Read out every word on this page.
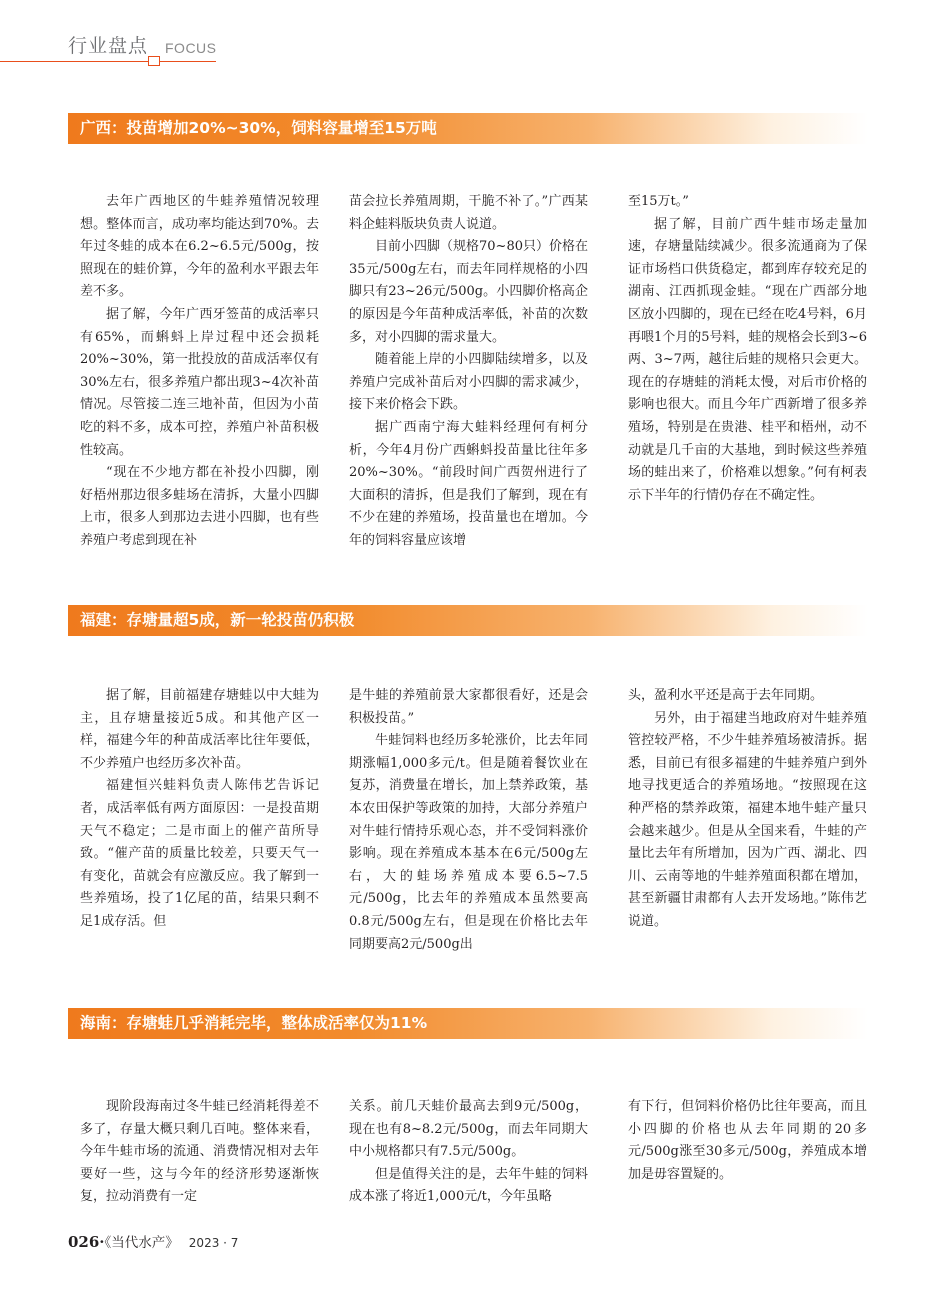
行业盘点 FOCUS
广西：投苗增加20%~30%，饲料容量增至15万吨

去年广西地区的牛蛙养殖情况较理想。整体而言，成功率均能达到70%。去年过冬蛙的成本在6.2~6.5元/500g，按照现在的蛙价算，今年的盈利水平跟去年差不多。

据了解，今年广西牙签苗的成活率只有65%，而蝌蚪上岸过程中还会损耗20%~30%，第一批投放的苗成活率仅有30%左右，很多养殖户都出现3~4次补苗情况。尽管接二连三地补苗，但因为小苗吃的料不多，成本可控，养殖户补苗积极性较高。

“现在不少地方都在补投小四脚，刚好梧州那边很多蛙场在清拆，大量小四脚上市，很多人到那边去进小四脚，也有些养殖户考虑到现在补

苗会拉长养殖周期，干脆不补了。”广西某料企蛙料版块负责人说道。

目前小四脚（规格70~80只）价格在35元/500g左右，而去年同样规格的小四脚只有23~26元/500g。小四脚价格高企的原因是今年苗种成活率低，补苗的次数多，对小四脚的需求量大。

随着能上岸的小四脚陆续增多，以及养殖户完成补苗后对小四脚的需求减少，接下来价格会下跌。

据广西南宁海大蛙料经理何有柯分析，今年4月份广西蝌蚪投苗量比往年多20%~30%。“前段时间广西贺州进行了大面积的清拆，但是我们了解到，现在有不少在建的养殖场，投苗量也在增加。今年的饲料容量应该增

至15万t。”

据了解，目前广西牛蛙市场走量加速，存塘量陆续减少。很多流通商为了保证市场档口供货稳定，都到库存较充足的湖南、江西抓现金蛙。“现在广西部分地区放小四脚的，现在已经在吃4号料，6月再喂1个月的5号料，蛙的规格会长到3~6两、3~7两，越往后蛙的规格只会更大。现在的存塘蛙的消耗太慢，对后市价格的影响也很大。而且今年广西新增了很多养殖场，特别是在贵港、桂平和梧州，动不动就是几千亩的大基地，到时候这些养殖场的蛙出来了，价格难以想象。”何有柯表示下半年的行情仍存在不确定性。

福建：存塘量超5成，新一轮投苗仍积极

据了解，目前福建存塘蛙以中大蛙为主，且存塘量接近5成。和其他产区一样，福建今年的种苗成活率比往年要低，不少养殖户也经历多次补苗。

福建恒兴蛙料负责人陈伟艺告诉记者，成活率低有两方面原因：一是投苗期天气不稳定；二是市面上的催产苗所导致。“催产苗的质量比较差，只要天气一有变化，苗就会有应激反应。我了解到一些养殖场，投了1亿尾的苗，结果只剩不足1成存活。但

是牛蛙的养殖前景大家都很看好，还是会积极投苗。”

牛蛙饲料也经历多轮涨价，比去年同期涨幅1,000多元/t。但是随着餐饮业在复苏，消费量在增长，加上禁养政策，基本农田保护等政策的加持，大部分养殖户对牛蛙行情持乐观心态，并不受饲料涨价影响。现在养殖成本基本在6元/500g左右，大的蛙场养殖成本要6.5~7.5元/500g，比去年的养殖成本虽然要高0.8元/500g左右，但是现在价格比去年同期要高2元/500g出

头，盈利水平还是高于去年同期。

另外，由于福建当地政府对牛蛙养殖管控较严格，不少牛蛙养殖场被清拆。据悉，目前已有很多福建的牛蛙养殖户到外地寻找更适合的养殖场地。“按照现在这种严格的禁养政策，福建本地牛蛙产量只会越来越少。但是从全国来看，牛蛙的产量比去年有所增加，因为广西、湖北、四川、云南等地的牛蛙养殖面积都在增加，甚至新疆甘肃都有人去开发场地。”陈伟艺说道。

海南：存塘蛙几乎消耗完毕，整体成活率仅为11%

现阶段海南过冬牛蛙已经消耗得差不多了，存量大概只剩几百吨。整体来看，今年牛蛙市场的流通、消费情况相对去年要好一些，这与今年的经济形势逐渐恢复，拉动消费有一定

关系。前几天蛙价最高去到9元/500g，现在也有8~8.2元/500g，而去年同期大中小规格都只有7.5元/500g。

但是值得关注的是，去年牛蛙的饲料成本涨了将近1,000元/t，今年虽略

有下行，但饲料价格仍比往年要高，而且小四脚的价格也从去年同期的20多元/500g涨至30多元/500g，养殖成本增加是毋容置疑的。

026·《当代水产》 2023 · 7
